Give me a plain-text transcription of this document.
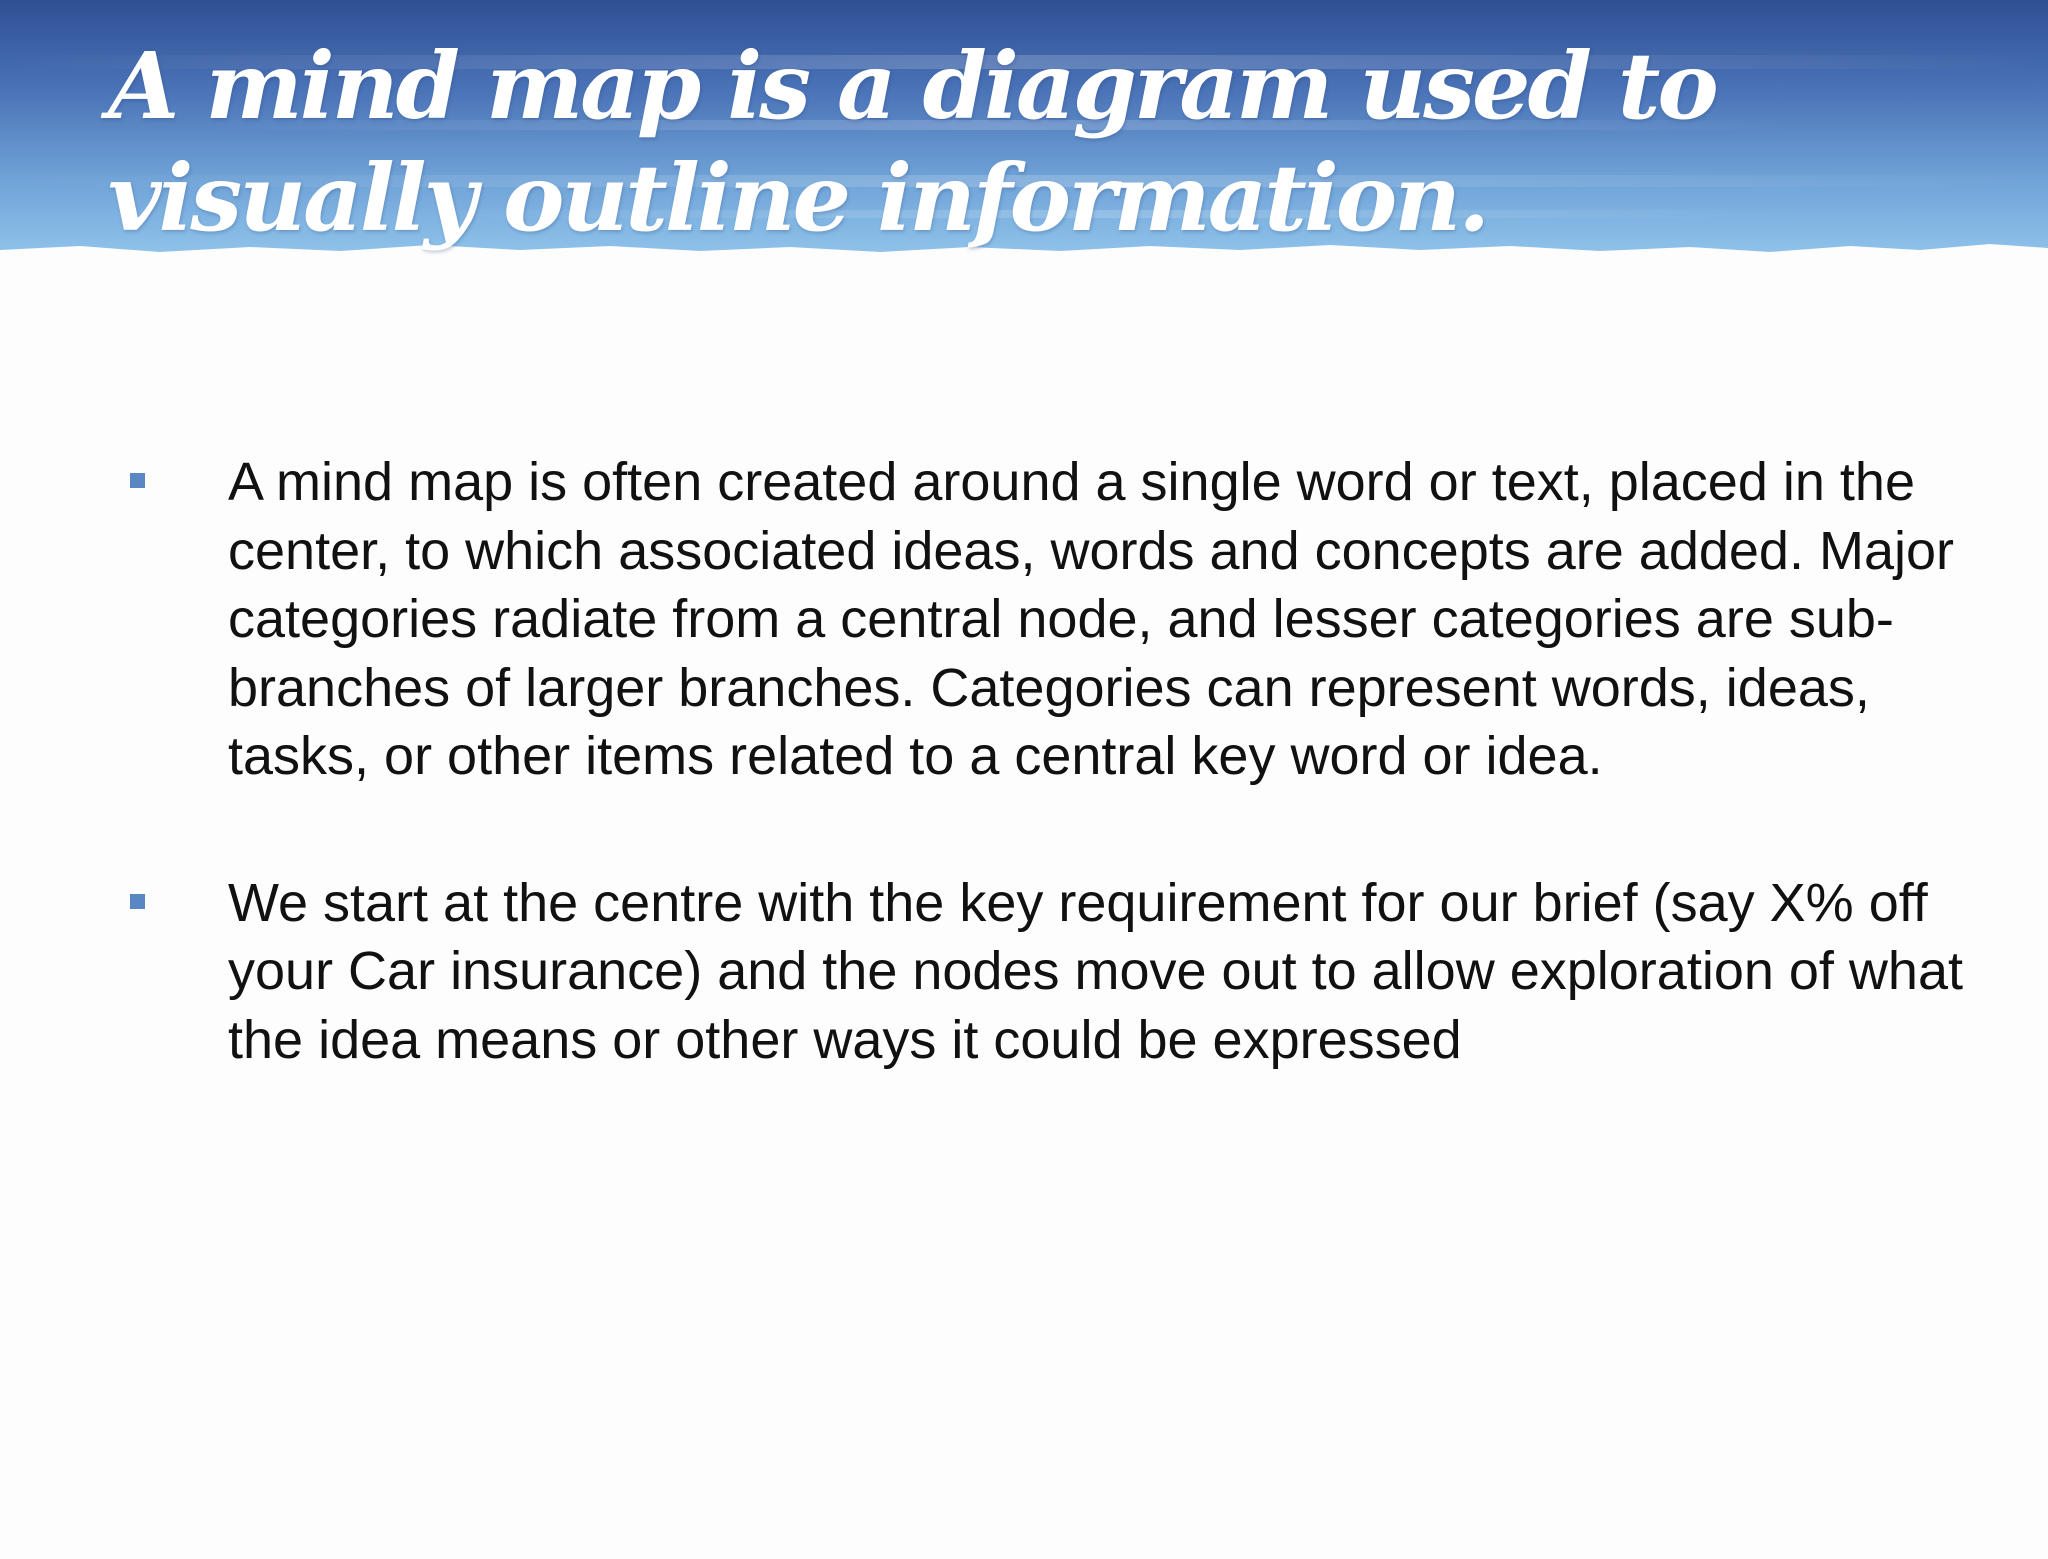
A mind map is a diagram used to visually outline information.
A mind map is often created around a single word or text, placed in the center, to which associated ideas, words and concepts are added. Major categories radiate from a central node, and lesser categories are sub-branches of larger branches. Categories can represent words, ideas, tasks, or other items related to a central key word or idea.
We start at the centre with the key requirement for our brief (say X% off your Car insurance) and the nodes move out to allow exploration of what the idea means or other ways it could be expressed
